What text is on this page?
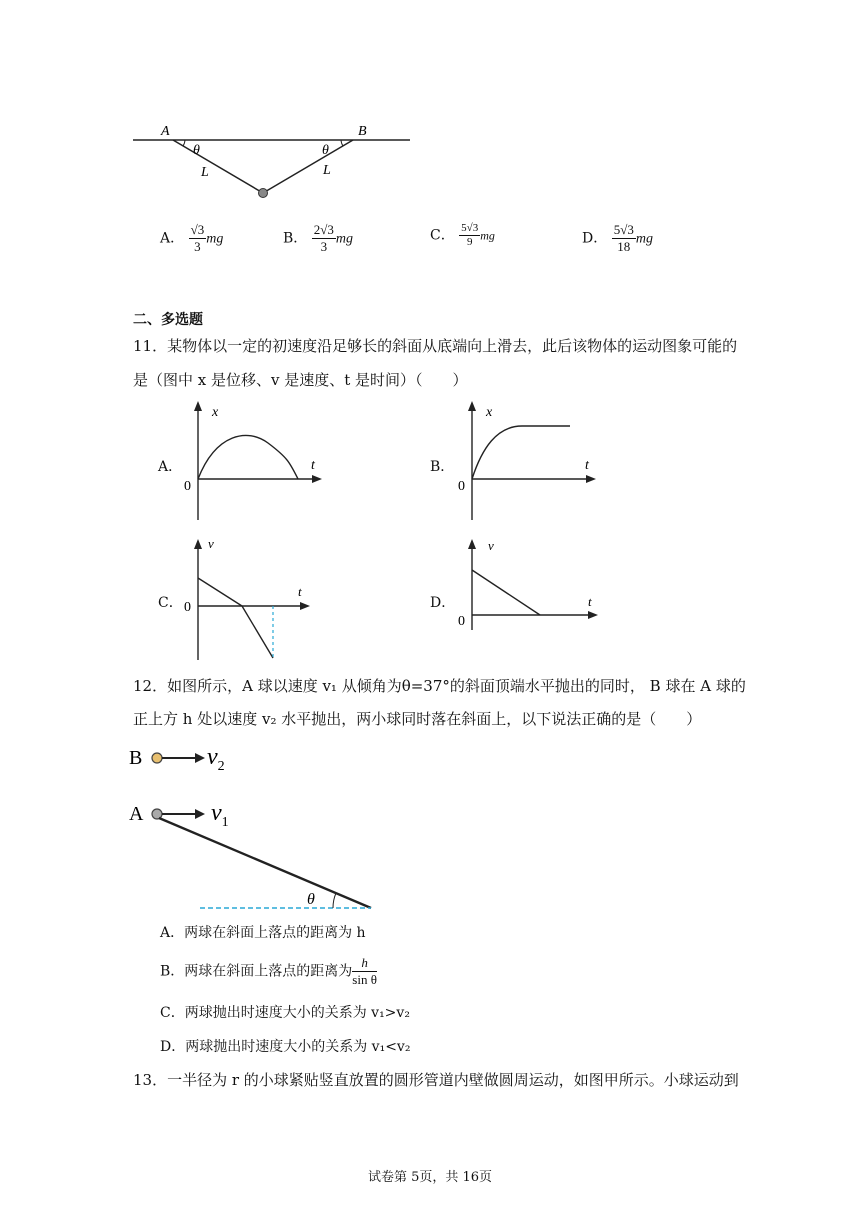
A	B
θ	θ
L	L
A． $\frac{√3}{3}$ mg	B． $\frac{2√3}{3}$ mg	C． $\frac{5√3}{9}$ mg	D． $\frac{5√3}{18}$ mg
二、多选题
11．某物体以一定的初速度沿足够长的斜面从底端向上滑去，此后该物体的运动图象可能的
是（图中 x 是位移、v 是速度、t 是时间）（　　）
A．
x
t
0
B．
x
t
0
C．
v
t
0	D．
v
t
0
12．如图所示，A 球以速度 v₁ 从倾角为θ=37°的斜面顶端水平抛出的同时， B 球在 A 球的
正上方 h 处以速度 v₂ 水平抛出，两小球同时落在斜面上，以下说法正确的是（　　）
B	$v_2$
A	$v_1$
θ
A．两球在斜面上落点的距离为 h
B．两球在斜面上落点的距离为 $\frac{h}{\text{sin θ}}$
C．两球抛出时速度大小的关系为 v₁>v₂
D．两球抛出时速度大小的关系为 v₁<v₂
13．一半径为 r 的小球紧贴竖直放置的圆形管道内壁做圆周运动，如图甲所示。小球运动到
试卷第 5页，共 16页
